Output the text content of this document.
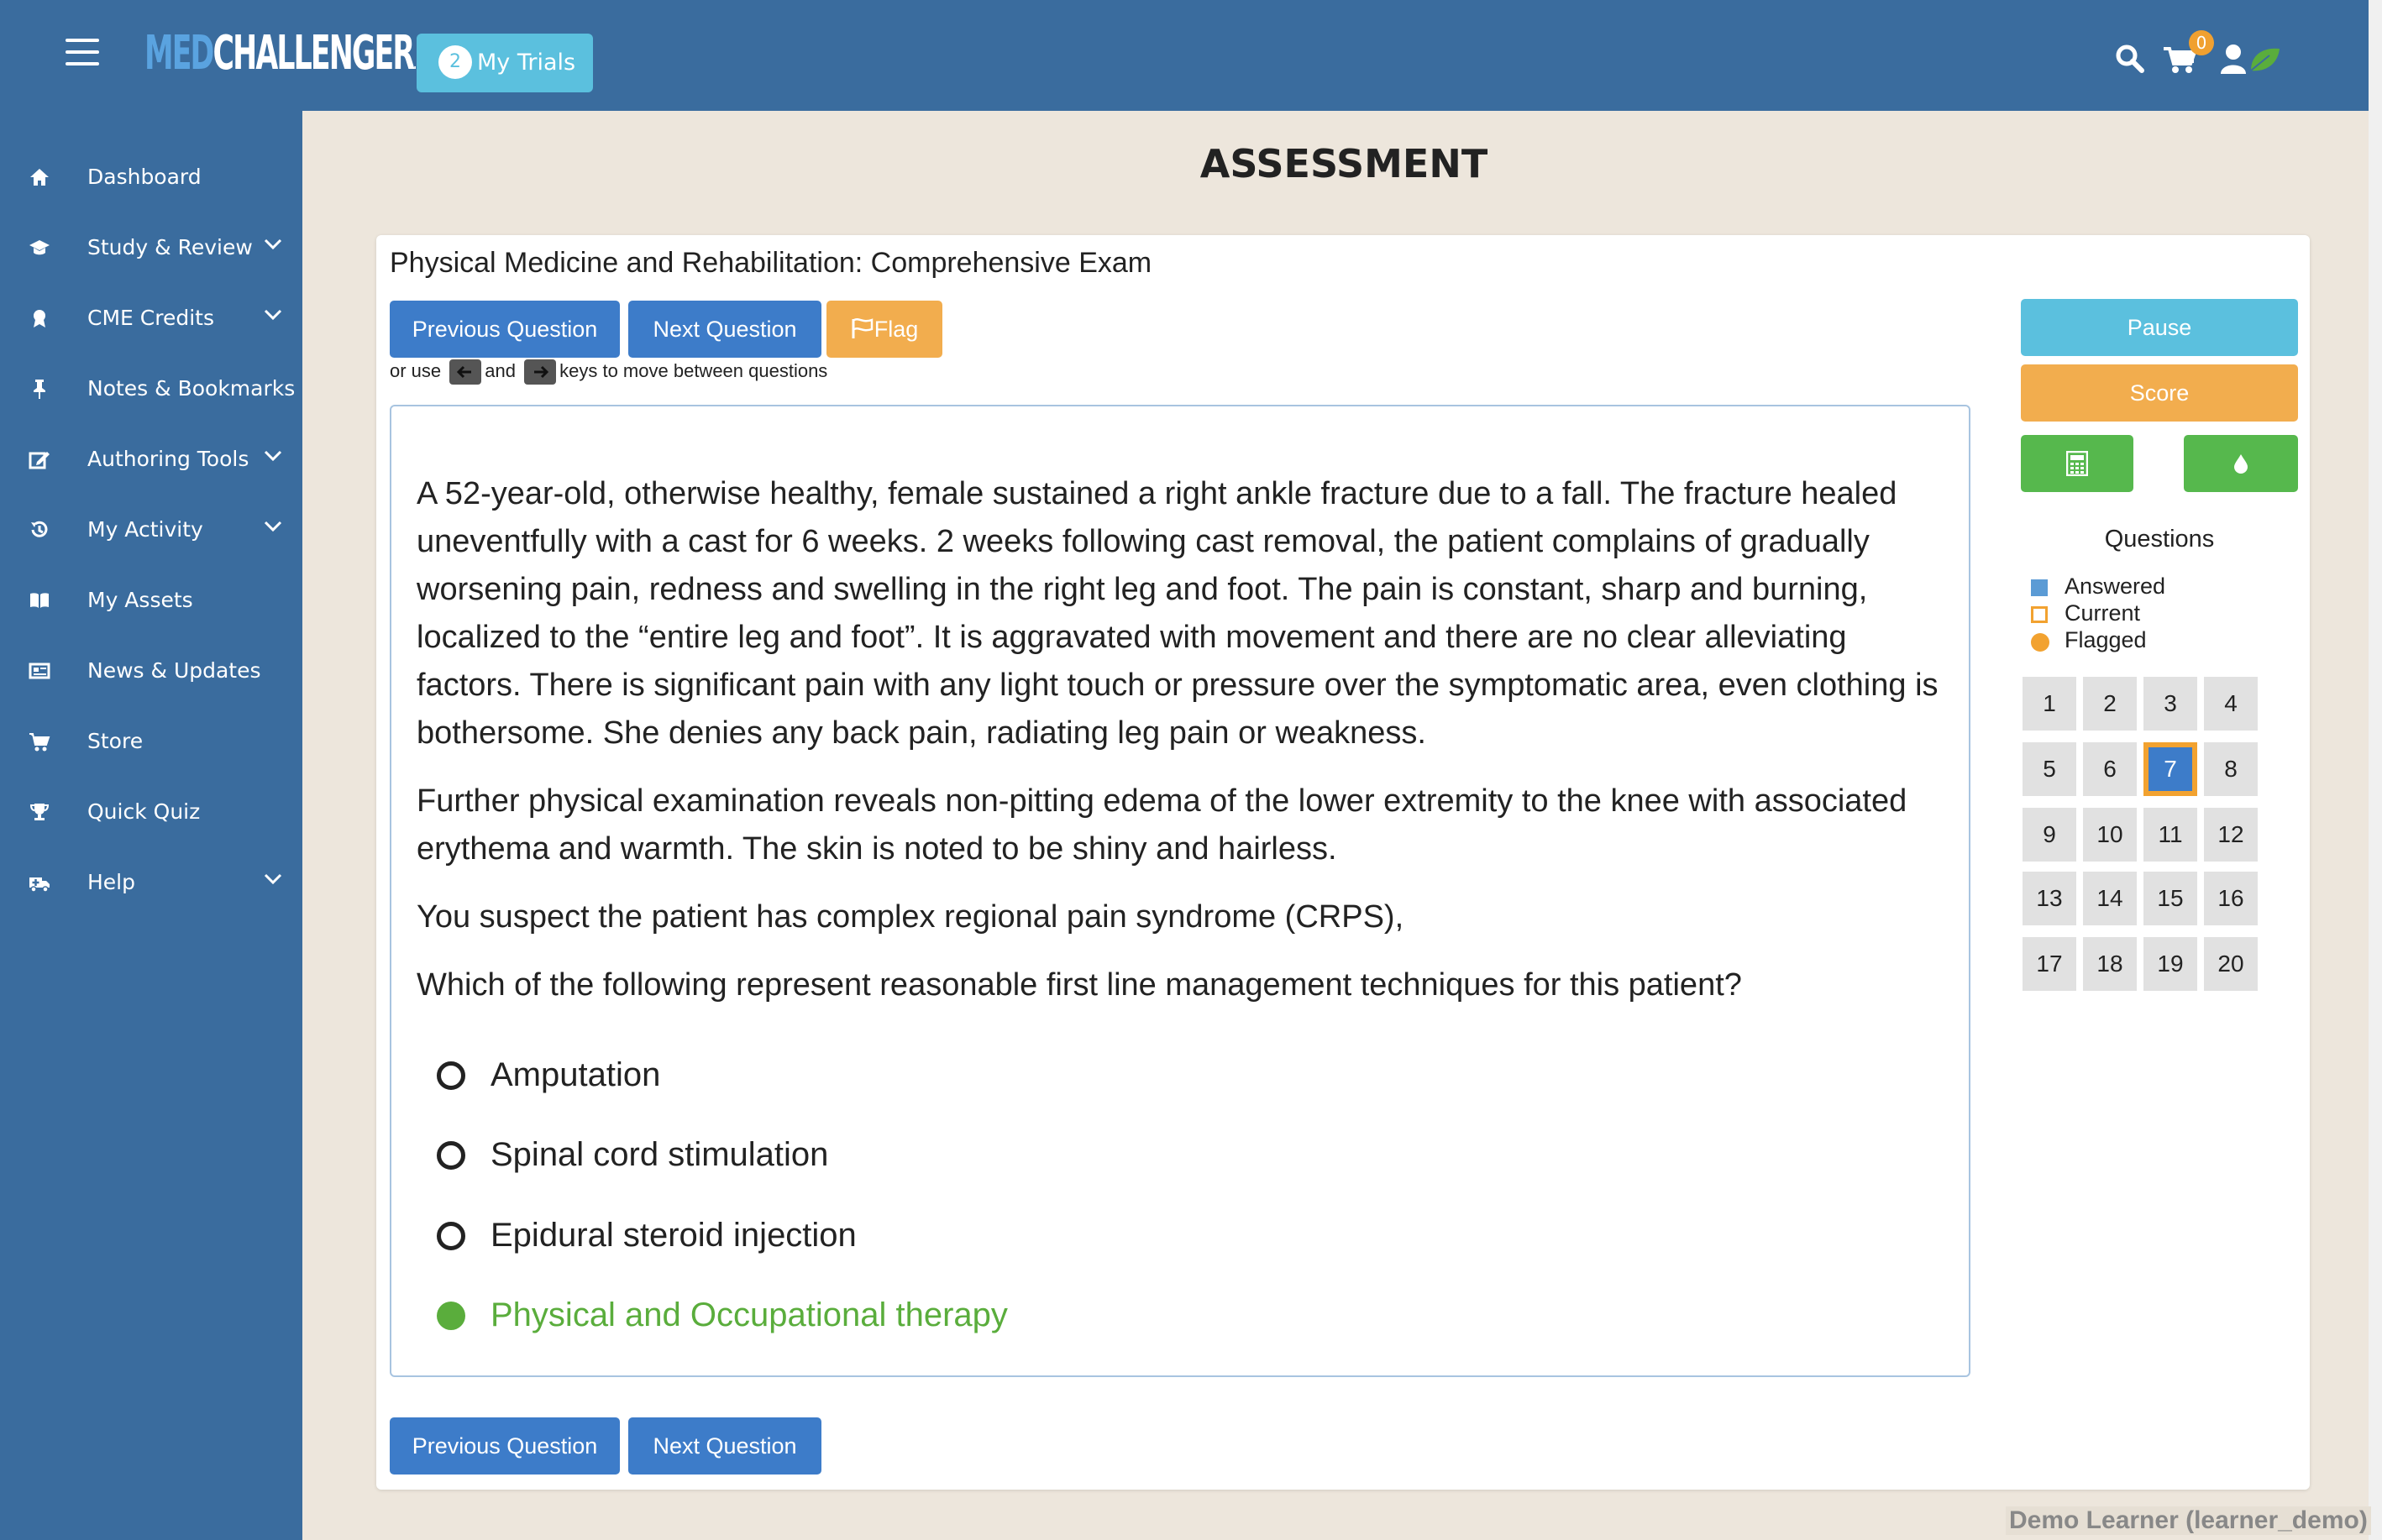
MEDCHALLENGER.	2 My Trials
0
Dashboard
Study & Review
CME Credits
Notes & Bookmarks
Authoring Tools
My Activity
My Assets
News & Updates
Store
Quick Quiz
Help
ASSESSMENT
Physical Medicine and Rehabilitation: Comprehensive Exam
Previous Question	Next Question	Flag
or use and keys to move between questions

A 52-year-old, otherwise healthy, female sustained a right ankle fracture due to a fall. The fracture healed uneventfully with a cast for 6 weeks. 2 weeks following cast removal, the patient complains of gradually worsening pain, redness and swelling in the right leg and foot. The pain is constant, sharp and burning, localized to the “entire leg and foot”. It is aggravated with movement and there are no clear alleviating factors. There is significant pain with any light touch or pressure over the symptomatic area, even clothing is bothersome. She denies any back pain, radiating leg pain or weakness.

Further physical examination reveals non-pitting edema of the lower extremity to the knee with associated erythema and warmth. The skin is noted to be shiny and hairless.

You suspect the patient has complex regional pain syndrome (CRPS),

Which of the following represent reasonable first line management techniques for this patient?

Amputation
Spinal cord stimulation
Epidural steroid injection
Physical and Occupational therapy
Previous Question	Next Question
Pause
Score
Questions
Answered
Current
Flagged
1	2	3	4
5	6	7	8
9	10	11	12
13	14	15	16
17	18	19	20
Demo Learner (learner_demo)
